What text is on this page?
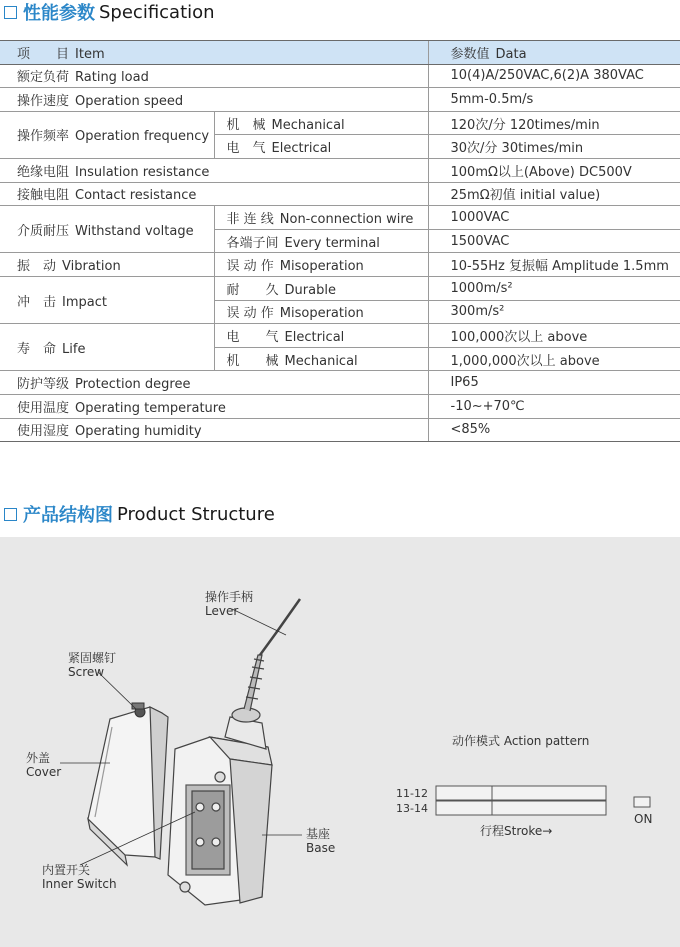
性能参数 Specification
项　　目 Item		参数值 Data
额定负荷 Rating load		10(4)A/250VAC,6(2)A 380VAC
操作速度 Operation speed		5mm-0.5m/s
操作频率 Operation frequency	机　械 Mechanical	120次/分 120times/min
	电　气 Electrical	30次/分 30times/min
绝缘电阻 Insulation resistance		100mΩ以上(Above) DC500V
接触电阻 Contact resistance		25mΩ初值 initial value)
介质耐压 Withstand voltage	非 连 线 Non-connection wire	1000VAC
	各端子间 Every terminal	1500VAC
振　动 Vibration	误 动 作 Misoperation	10-55Hz 复振幅 Amplitude 1.5mm
冲　击 Impact	耐　　久 Durable	1000m/s²
	误 动 作 Misoperation	300m/s²
寿　命 Life	电　　气 Electrical	100,000次以上 above
	机　　械 Mechanical	1,000,000次以上 above
防护等级 Protection degree		IP65
使用温度 Operating temperature		-10~+70℃
使用湿度 Operating humidity		<85%
产品结构图 Product Structure
操作手柄
Lever
紧固螺钉
Screw
外盖
Cover
基座
Base
内置开关
Inner Switch
动作模式 Action pattern
11-12
13-14
行程Stroke→
ON
